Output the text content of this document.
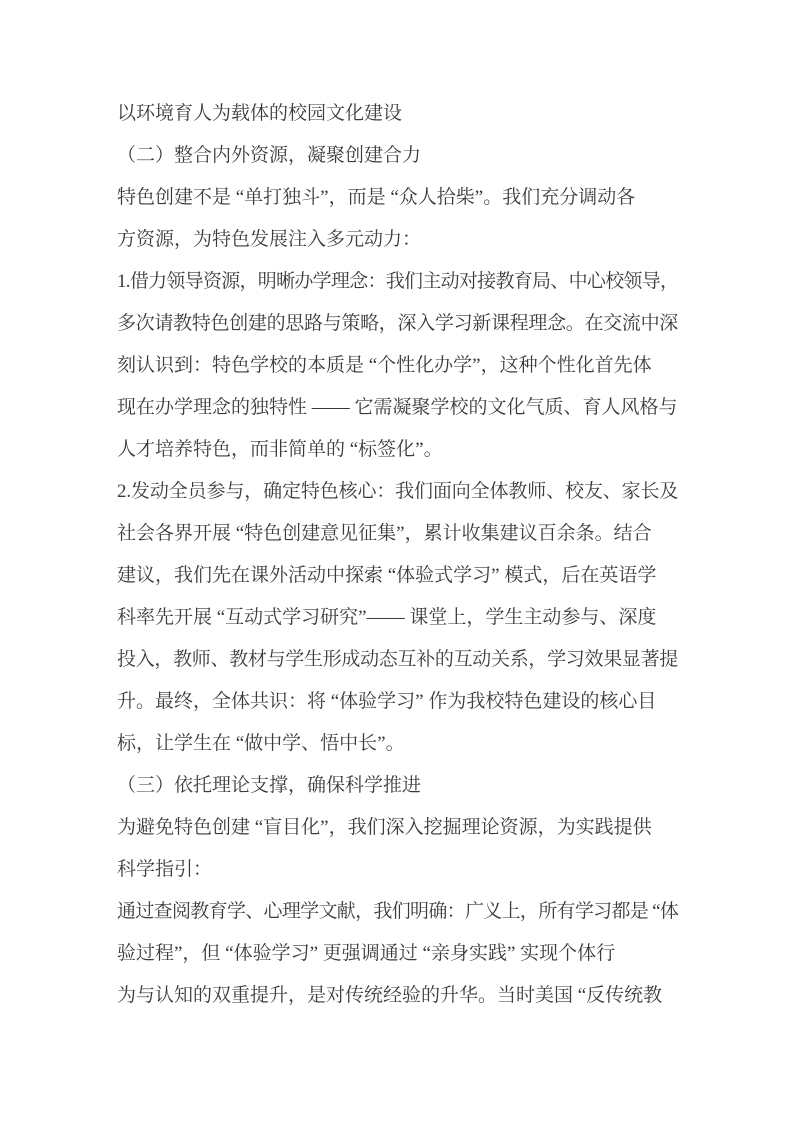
以环境育人为载体的校园文化建设
（二）整合内外资源，凝聚创建合力
特色创建不是 “单打独斗”，而是 “众人拾柴”。我们充分调动各
方资源，为特色发展注入多元动力：
1.借力领导资源，明晰办学理念：我们主动对接教育局、中心校领导，
多次请教特色创建的思路与策略，深入学习新课程理念。在交流中深
刻认识到：特色学校的本质是 “个性化办学”，这种个性化首先体
现在办学理念的独特性 —— 它需凝聚学校的文化气质、育人风格与
人才培养特色，而非简单的 “标签化”。
2.发动全员参与，确定特色核心：我们面向全体教师、校友、家长及
社会各界开展 “特色创建意见征集”，累计收集建议百余条。结合
建议，我们先在课外活动中探索 “体验式学习” 模式，后在英语学
科率先开展 “互动式学习研究”—— 课堂上，学生主动参与、深度
投入，教师、教材与学生形成动态互补的互动关系，学习效果显著提
升。最终，全体共识：将 “体验学习” 作为我校特色建设的核心目
标，让学生在 “做中学、悟中长”。
（三）依托理论支撑，确保科学推进
为避免特色创建 “盲目化”，我们深入挖掘理论资源，为实践提供
科学指引：
通过查阅教育学、心理学文献，我们明确：广义上，所有学习都是 “体
验过程”，但 “体验学习” 更强调通过 “亲身实践” 实现个体行
为与认知的双重提升，是对传统经验的升华。当时美国 “反传统教
